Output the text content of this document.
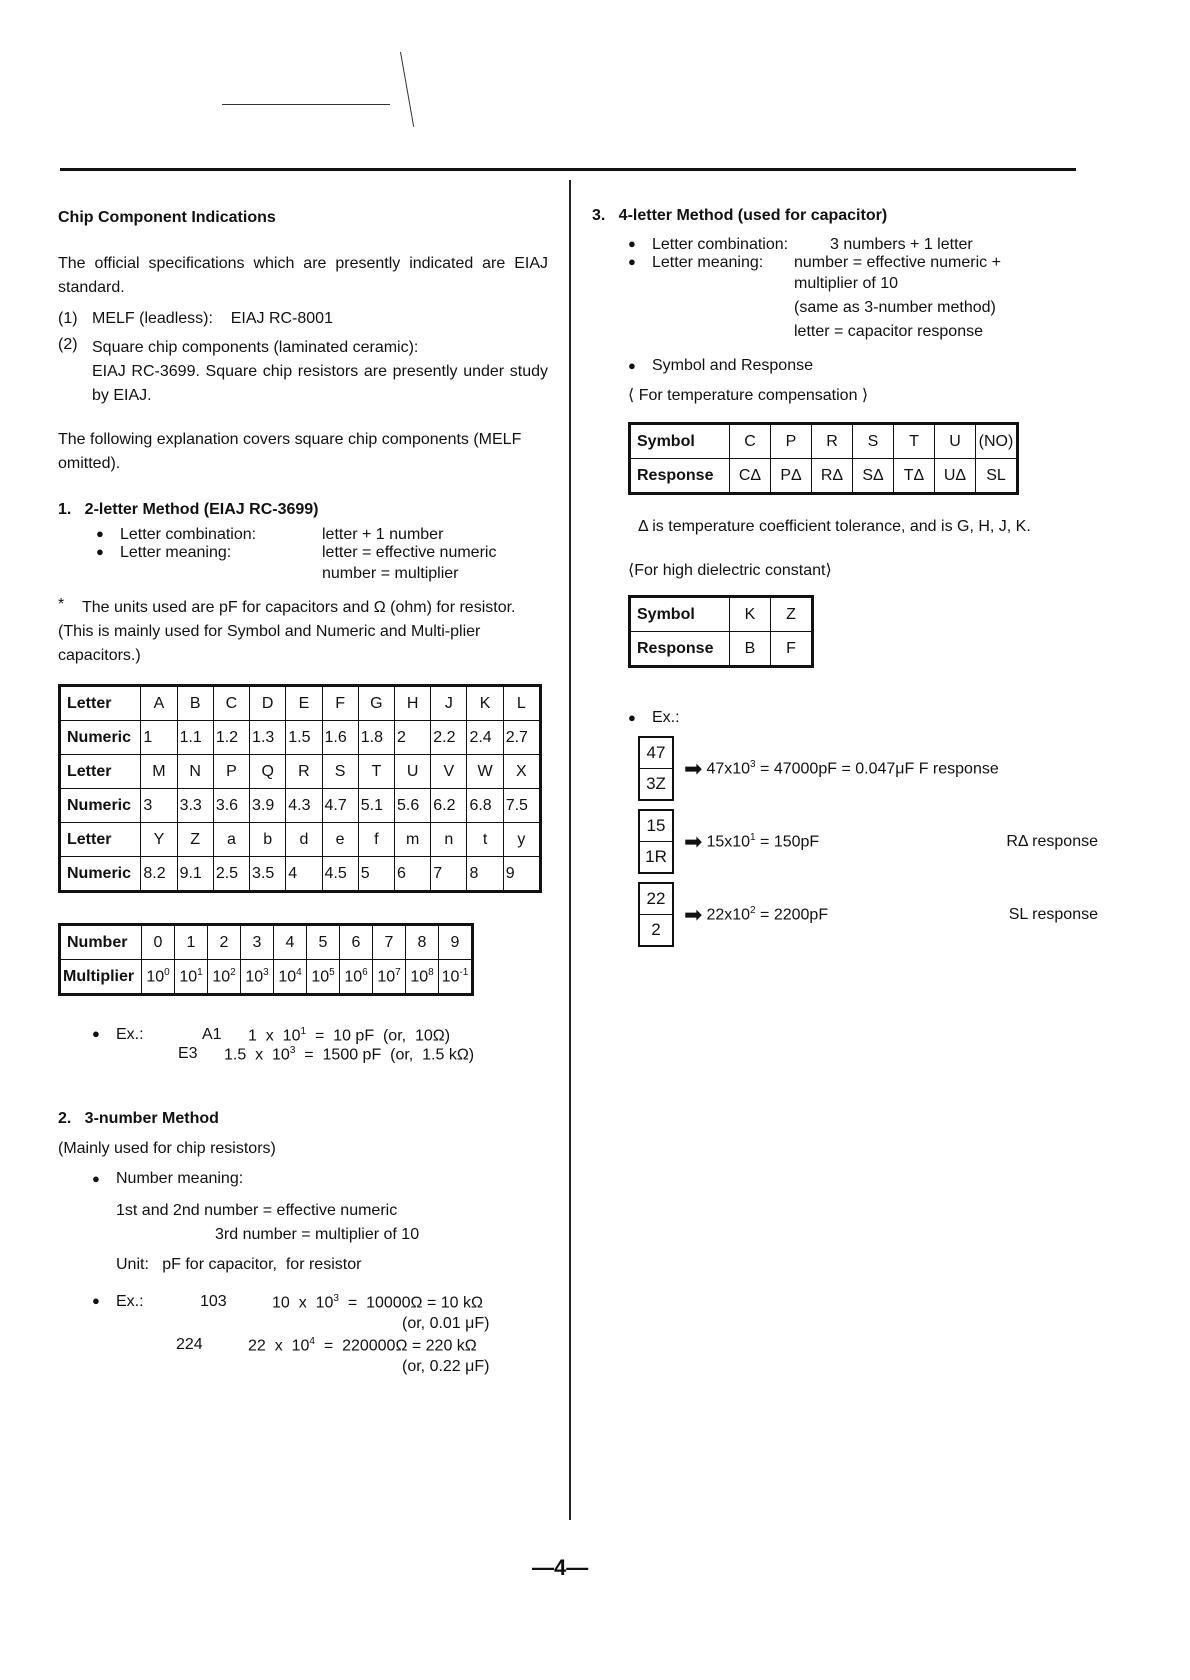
Chip Component Indications

The official specifications which are presently indicated are EIAJ standard.

(1) MELF (leadless):    EIAJ RC-8001
(2) Square chip components (laminated ceramic):

EIAJ RC-3699. Square chip resistors are presently under study by EIAJ.

The following explanation covers square chip components (MELF omitted).

1.   2-letter Method (EIAJ RC-3699)

● Letter combination:	letter + 1 number
● Letter meaning:	letter = effective numeric

number = multiplier

*	The units used are pF for capacitors and Ω (ohm) for resistor.

(This is mainly used for Symbol and Numeric and Multi-plier capacitors.)

Letter	A	B	C	D	E	F	G	H	J	K	L
Numeric	1	1.1	1.2	1.3	1.5	1.6	1.8	2	2.2	2.4	2.7
Letter	M	N	P	Q	R	S	T	U	V	W	X
Numeric	3	3.3	3.6	3.9	4.3	4.7	5.1	5.6	6.2	6.8	7.5
Letter	Y	Z	a	b	d	e	f	m	n	t	y
Numeric	8.2	9.1	2.5	3.5	4	4.5	5	6	7	8	9
Number	0	1	2	3	4	5	6	7	8	9
Multiplier	$10^0$	$10^1$	$10^2$	$10^3$	$10^4$	$10^5$	$10^6$	$10^7$	$10^8$	$10^{-1}$
● Ex.:	A1	1  x  $10^1 = 10$ pF  (or,  10Ω)
E3	1.5  x  $10^3 = 1500$ pF  (or,  1.5 kΩ)

2.   3-number Method

(Mainly used for chip resistors)

● Number meaning:

1st and 2nd number = effective numeric

3rd number = multiplier of 10

Unit:   pF for capacitor,  for resistor

● Ex.:	103	10  x  $10^3 = 10000\Omega = 10$ kΩ

(or, 0.01 μF)

224	22  x  $10^4 = 220000\Omega = 220$ kΩ

(or, 0.22 μF)

3.   4-letter Method (used for capacitor)

● Letter combination:	3 numbers + 1 letter
● Letter meaning:	number = effective numeric +

multiplier of 10

(same as 3-number method)

letter = capacitor response

● Symbol and Response

⟨ For temperature compensation ⟩

Symbol	C	P	R	S	T	U	(NO)
Response	CΔ	PΔ	RΔ	SΔ	TΔ	UΔ	SL

Δ is temperature coefficient tolerance, and is G, H, J, K.

⟨For high dielectric constant⟩

Symbol	K	Z
Response	B	F

● Ex.:

47
3Z
➡ $47x10^3 = 47000pF = 0.047\mu F$ F response
15
1R
➡ $15x10^1 = 150pF$	RΔ response
22
2
➡ $22x10^2 = 2200pF$	SL response

—4—
